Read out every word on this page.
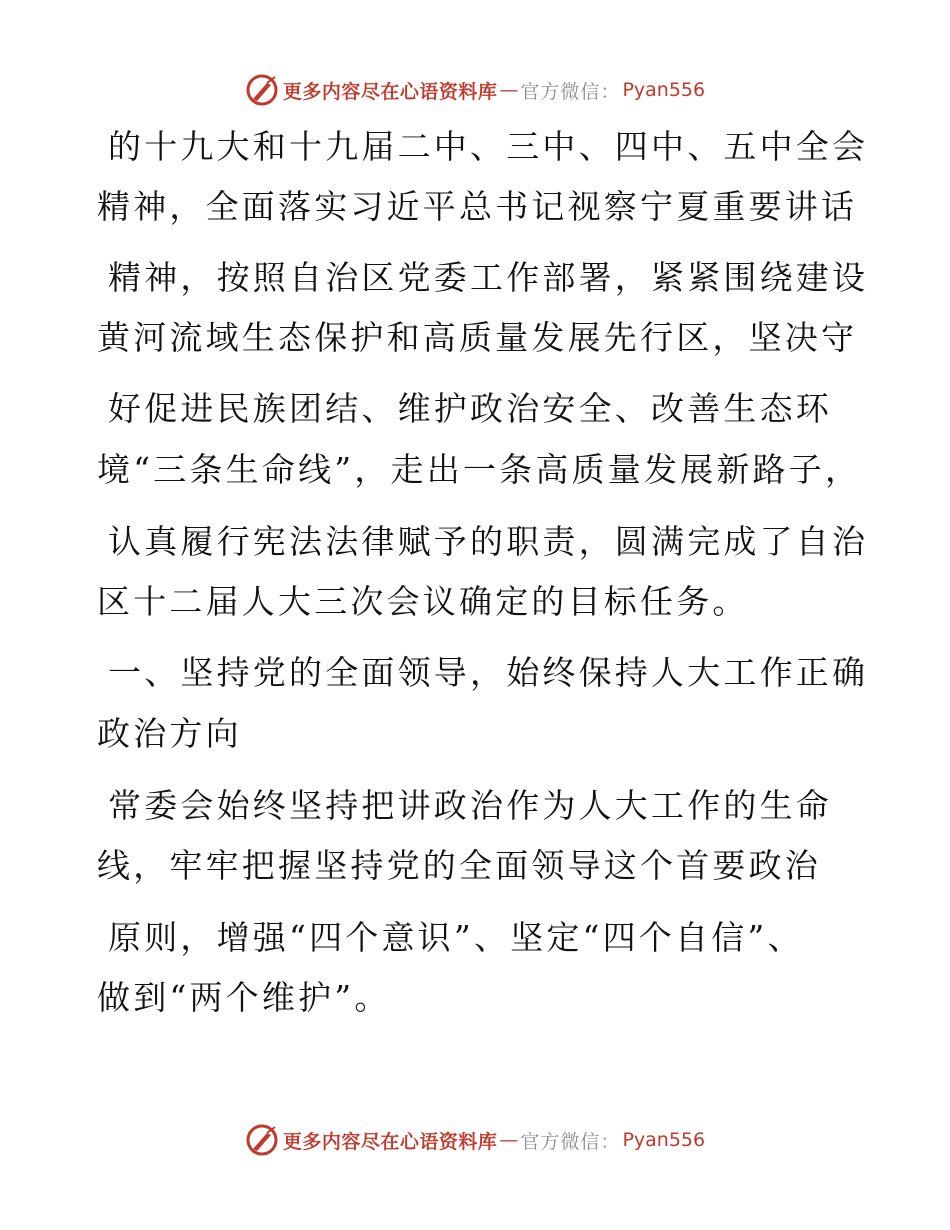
更多内容尽在心语资料库 — 官方微信： Pyan556
的十九大和十九届二中、三中、四中、五中全会
精神，全面落实习近平总书记视察宁夏重要讲话
精神，按照自治区党委工作部署，紧紧围绕建设
黄河流域生态保护和高质量发展先行区，坚决守
好促进民族团结、维护政治安全、改善生态环
境“三条生命线”，走出一条高质量发展新路子，
认真履行宪法法律赋予的职责，圆满完成了自治
区十二届人大三次会议确定的目标任务。
一、坚持党的全面领导，始终保持人大工作正确
政治方向
常委会始终坚持把讲政治作为人大工作的生命
线，牢牢把握坚持党的全面领导这个首要政治
原则，增强“四个意识”、坚定“四个自信”、
做到“两个维护”。
更多内容尽在心语资料库 — 官方微信： Pyan556
